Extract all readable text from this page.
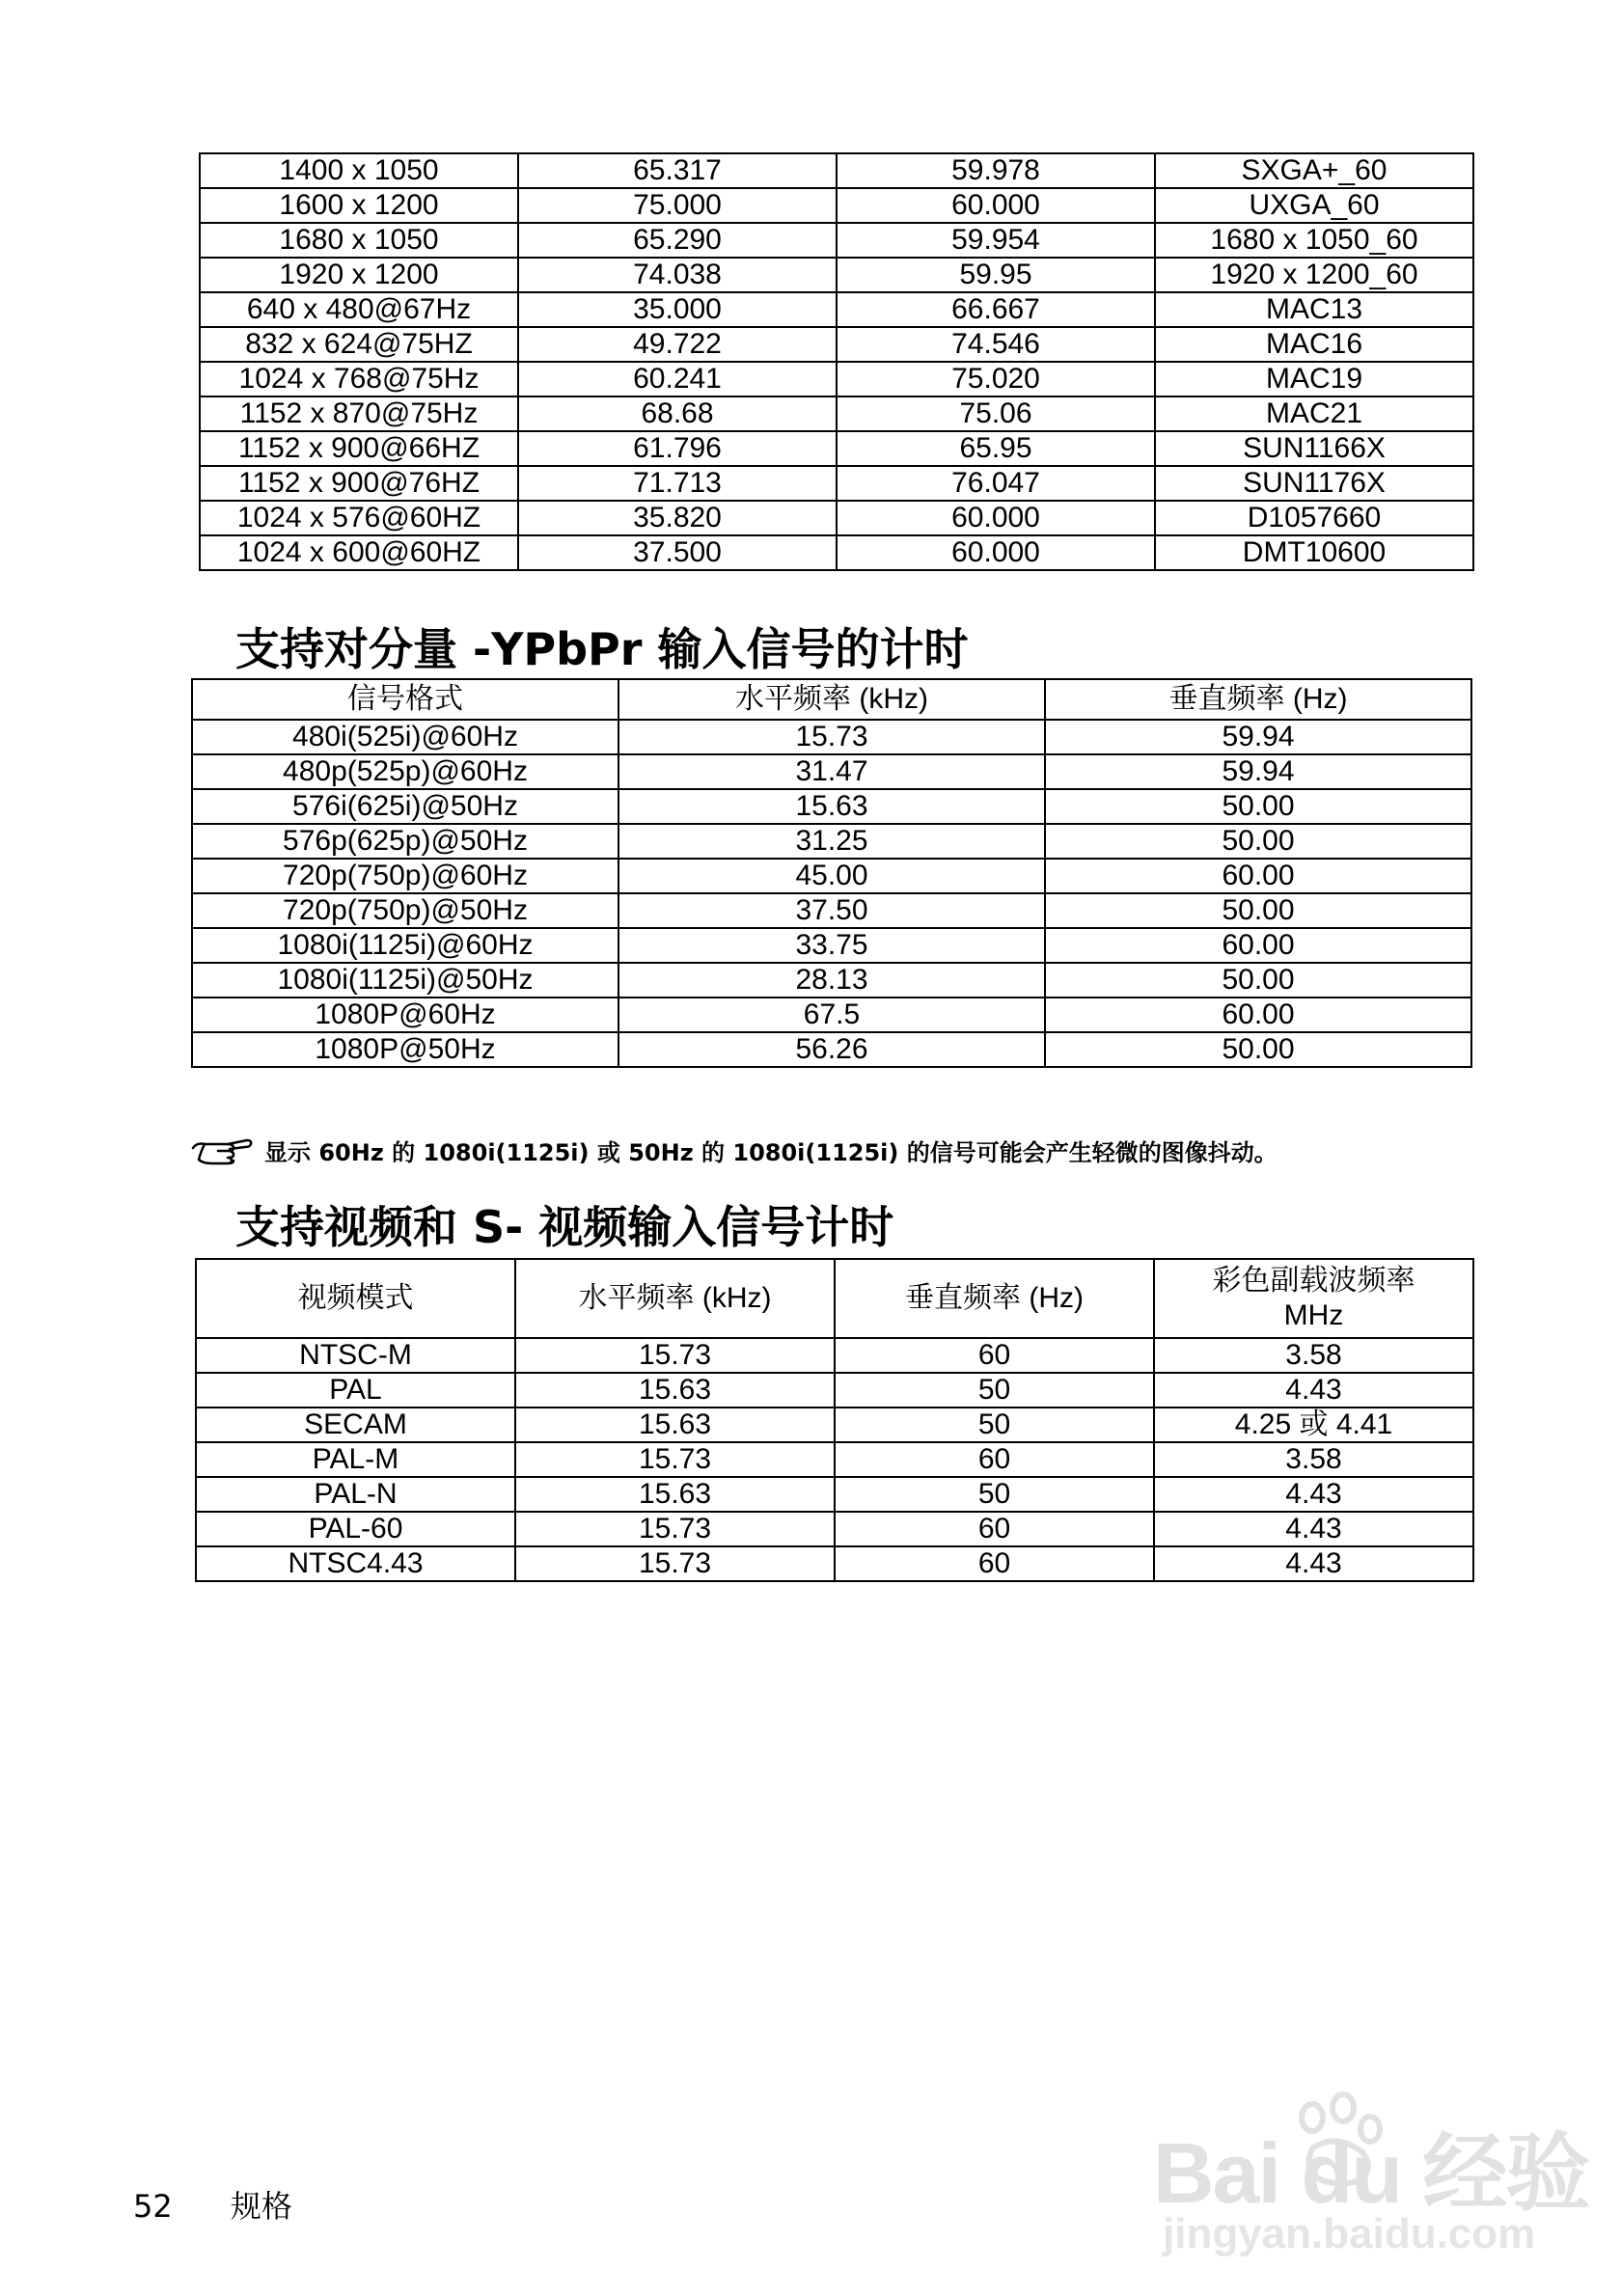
1400 x 1050	65.317	59.978	SXGA+_60
1600 x 1200	75.000	60.000	UXGA_60
1680 x 1050	65.290	59.954	1680 x 1050_60
1920 x 1200	74.038	59.95	1920 x 1200_60
640 x 480@67Hz	35.000	66.667	MAC13
832 x 624@75HZ	49.722	74.546	MAC16
1024 x 768@75Hz	60.241	75.020	MAC19
1152 x 870@75Hz	68.68	75.06	MAC21
1152 x 900@66HZ	61.796	65.95	SUN1166X
1152 x 900@76HZ	71.713	76.047	SUN1176X
1024 x 576@60HZ	35.820	60.000	D1057660
1024 x 600@60HZ	37.500	60.000	DMT10600
支持对分量 -YPbPr 输入信号的计时
信号格式	水平频率 (kHz)	垂直频率 (Hz)
480i(525i)@60Hz	15.73	59.94
480p(525p)@60Hz	31.47	59.94
576i(625i)@50Hz	15.63	50.00
576p(625p)@50Hz	31.25	50.00
720p(750p)@60Hz	45.00	60.00
720p(750p)@50Hz	37.50	50.00
1080i(1125i)@60Hz	33.75	60.00
1080i(1125i)@50Hz	28.13	50.00
1080P@60Hz	67.5	60.00
1080P@50Hz	56.26	50.00
显示 60Hz 的 1080i(1125i) 或 50Hz 的 1080i(1125i) 的信号可能会产生轻微的图像抖动。
支持视频和 S- 视频输入信号计时
视频模式	水平频率 (kHz)	垂直频率 (Hz)	彩色副载波频率
MHz
NTSC-M	15.73	60	3.58
PAL	15.63	50	4.43
SECAM	15.63	50	4.25 或 4.41
PAL-M	15.73	60	3.58
PAL-N	15.63	50	4.43
PAL-60	15.73	60	4.43
NTSC4.43	15.73	60	4.43
52 规格	Bai du 经验
jingyan.baidu.com
